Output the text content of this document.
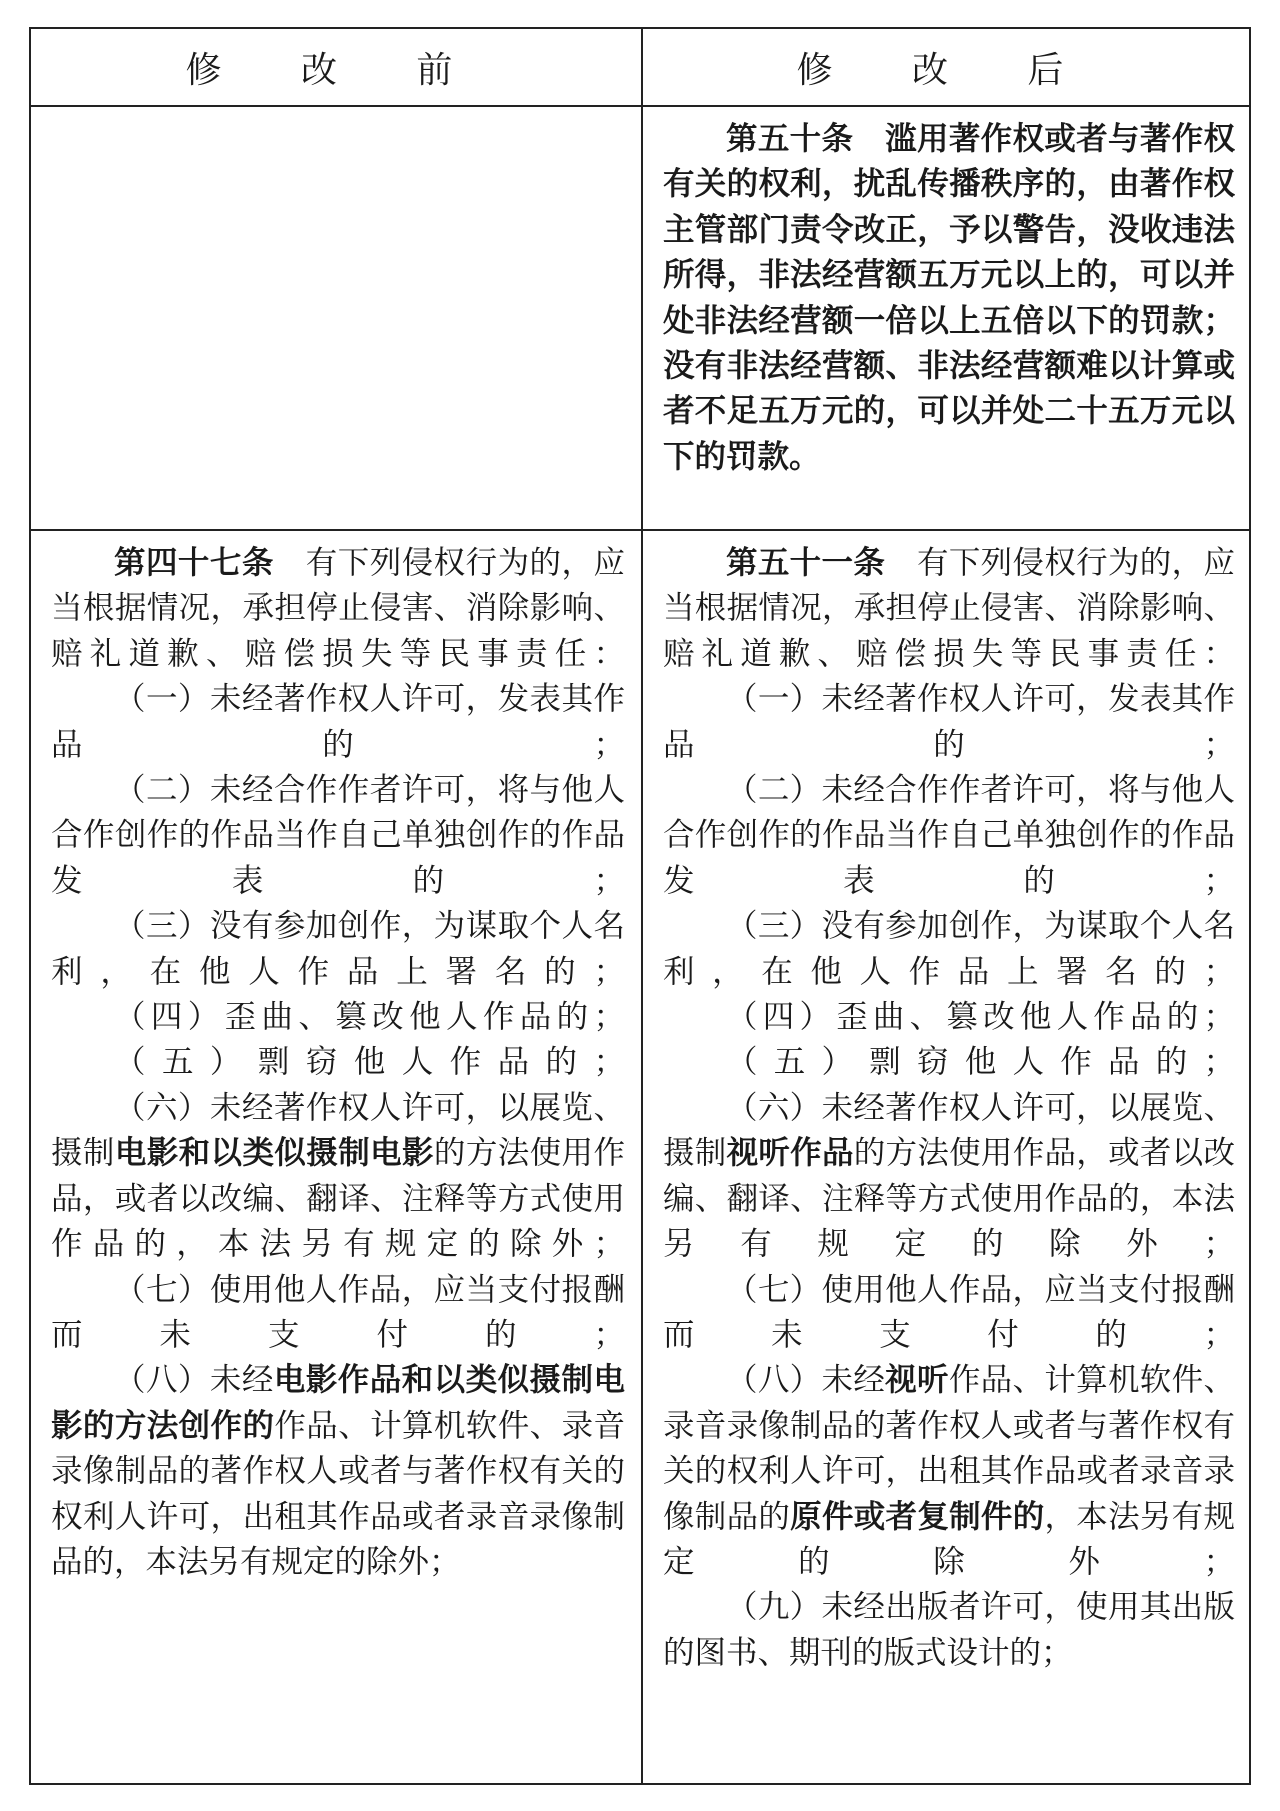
修 改 前	修 改 后

第五十条　滥用著作权或者与著作权有关的权利，扰乱传播秩序的，由著作权主管部门责令改正，予以警告，没收违法所得，非法经营额五万元以上的，可以并处非法经营额一倍以上五倍以下的罚款；没有非法经营额、非法经营额难以计算或者不足五万元的，可以并处二十五万元以下的罚款。

第四十七条　 有下列侵权行为的，应当根据情况，承担停止侵害、消除影响、赔礼道歉、赔偿损失等民事责任：

（一）未经著作权人许可，发表其作品的；

（二）未经合作作者许可，将与他人合作创作的作品当作自己单独创作的作品发表的；

（三）没有参加创作，为谋取个人名利，在他人作品上署名的；

（四）歪曲、篡改他人作品的；

（五）剽窃他人作品的；

（六）未经著作权人许可，以展览、摄制电影和以类似摄制电影的方法使用作品，或者以改编、翻译、注释等方式使用作品的，本法另有规定的除外；

（七）使用他人作品，应当支付报酬而未支付的；

（八）未经电影作品和以类似摄制电影的方法创作的作品、计算机软件、录音录像制品的著作权人或者与著作权有关的权利人许可，出租其作品或者录音录像制品的，本法另有规定的除外；

第五十一条　 有下列侵权行为的，应当根据情况，承担停止侵害、消除影响、赔礼道歉、赔偿损失等民事责任：

（一）未经著作权人许可，发表其作品的；

（二）未经合作作者许可，将与他人合作创作的作品当作自己单独创作的作品发表的；

（三）没有参加创作，为谋取个人名利，在他人作品上署名的；

（四）歪曲、篡改他人作品的；

（五）剽窃他人作品的；

（六）未经著作权人许可，以展览、摄制视听作品的方法使用作品，或者以改编、翻译、注释等方式使用作品的，本法另有规定的除外；

（七）使用他人作品，应当支付报酬而未支付的；

（八）未经视听作品、计算机软件、录音录像制品的著作权人或者与著作权有关的权利人许可，出租其作品或者录音录像制品的原件或者复制件的，本法另有规定的除外；

（九）未经出版者许可，使用其出版的图书、期刊的版式设计的；
